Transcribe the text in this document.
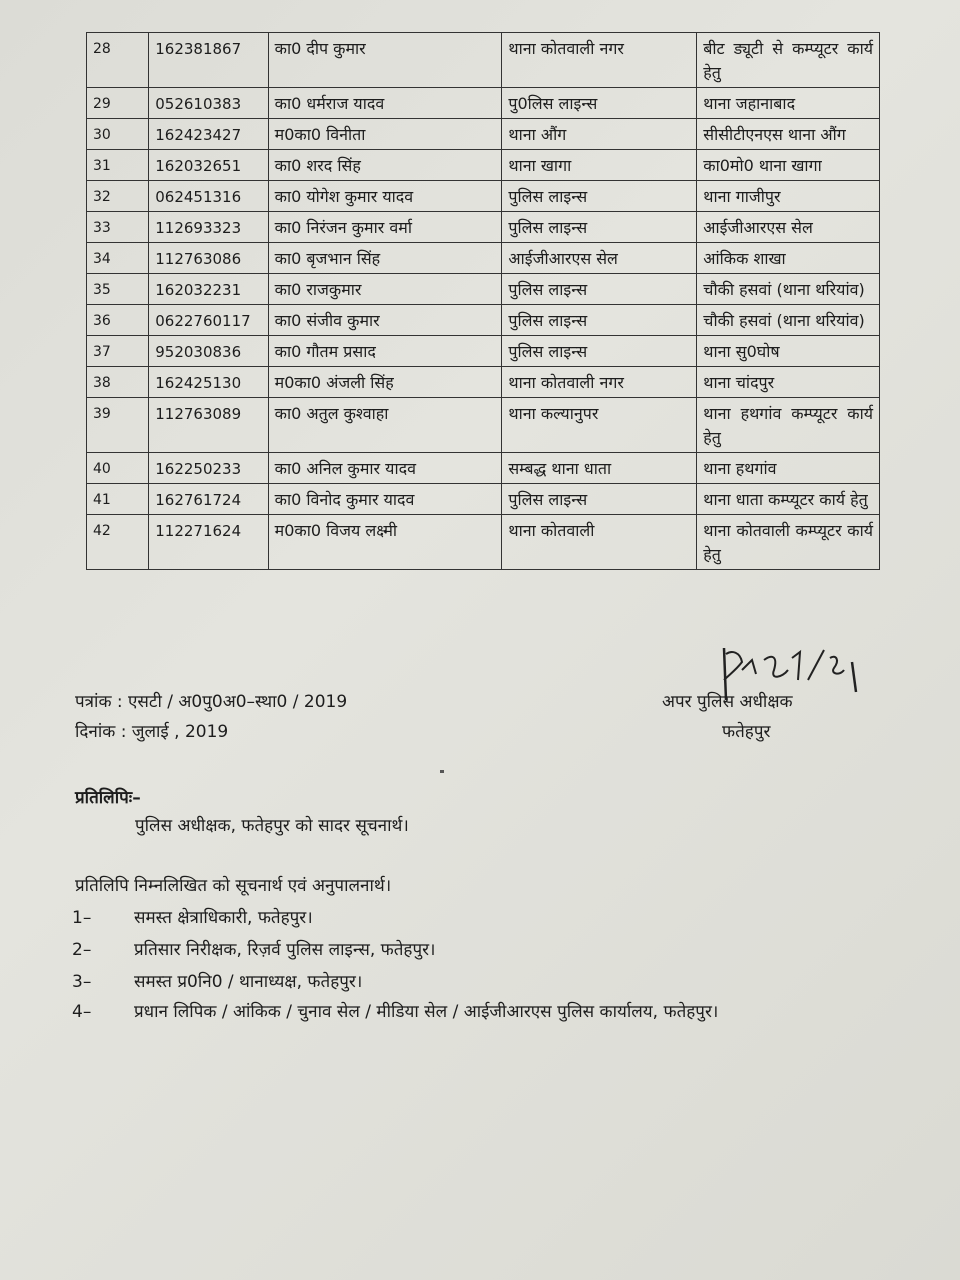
28	162381867	का0 दीप कुमार	थाना कोतवाली नगर	बीट ड्यूटी से कम्प्यूटर कार्य हेतु
29	052610383	का0 धर्मराज यादव	पु0लिस लाइन्स	थाना जहानाबाद
30	162423427	म0का0 विनीता	थाना औंग	सीसीटीएनएस थाना औंग
31	162032651	का0 शरद सिंह	थाना खागा	का0मो0 थाना खागा
32	062451316	का0 योगेश कुमार यादव	पुलिस लाइन्स	थाना गाजीपुर
33	112693323	का0 निरंजन कुमार वर्मा	पुलिस लाइन्स	आईजीआरएस सेल
34	112763086	का0 बृजभान सिंह	आईजीआरएस सेल	आंकिक शाखा
35	162032231	का0 राजकुमार	पुलिस लाइन्स	चौकी हसवां (थाना थरियांव)
36	0622760117	का0 संजीव कुमार	पुलिस लाइन्स	चौकी हसवां (थाना थरियांव)
37	952030836	का0 गौतम प्रसाद	पुलिस लाइन्स	थाना सु0घोष
38	162425130	म0का0 अंजली सिंह	थाना कोतवाली नगर	थाना चांदपुर
39	112763089	का0 अतुल कुश्वाहा	थाना कल्यानुपर	थाना हथगांव कम्प्यूटर कार्य हेतु
40	162250233	का0 अनिल कुमार यादव	सम्बद्ध थाना धाता	थाना हथगांव
41	162761724	का0 विनोद कुमार यादव	पुलिस लाइन्स	थाना धाता कम्प्यूटर कार्य हेतु
42	112271624	म0का0 विजय लक्ष्मी	थाना कोतवाली	थाना कोतवाली कम्प्यूटर कार्य हेतु
पत्रांक : एसटी / अ0पु0अ0–स्था0 / 2019
दिनांक : जुलाई , 2019
अपर पुलिस अधीक्षक
फतेहपुर
प्रतिलिपिः–
पुलिस अधीक्षक, फतेहपुर को सादर सूचनार्थ।
प्रतिलिपि निम्नलिखित को सूचनार्थ एवं अनुपालनार्थ।
1–	समस्त क्षेत्राधिकारी, फतेहपुर।
2–	प्रतिसार निरीक्षक, रिज़र्व पुलिस लाइन्स, फतेहपुर।
3–	समस्त प्र0नि0 / थानाध्यक्ष, फतेहपुर।
4–	प्रधान लिपिक / आंकिक / चुनाव सेल / मीडिया सेल / आईजीआरएस पुलिस कार्यालय, फतेहपुर।
